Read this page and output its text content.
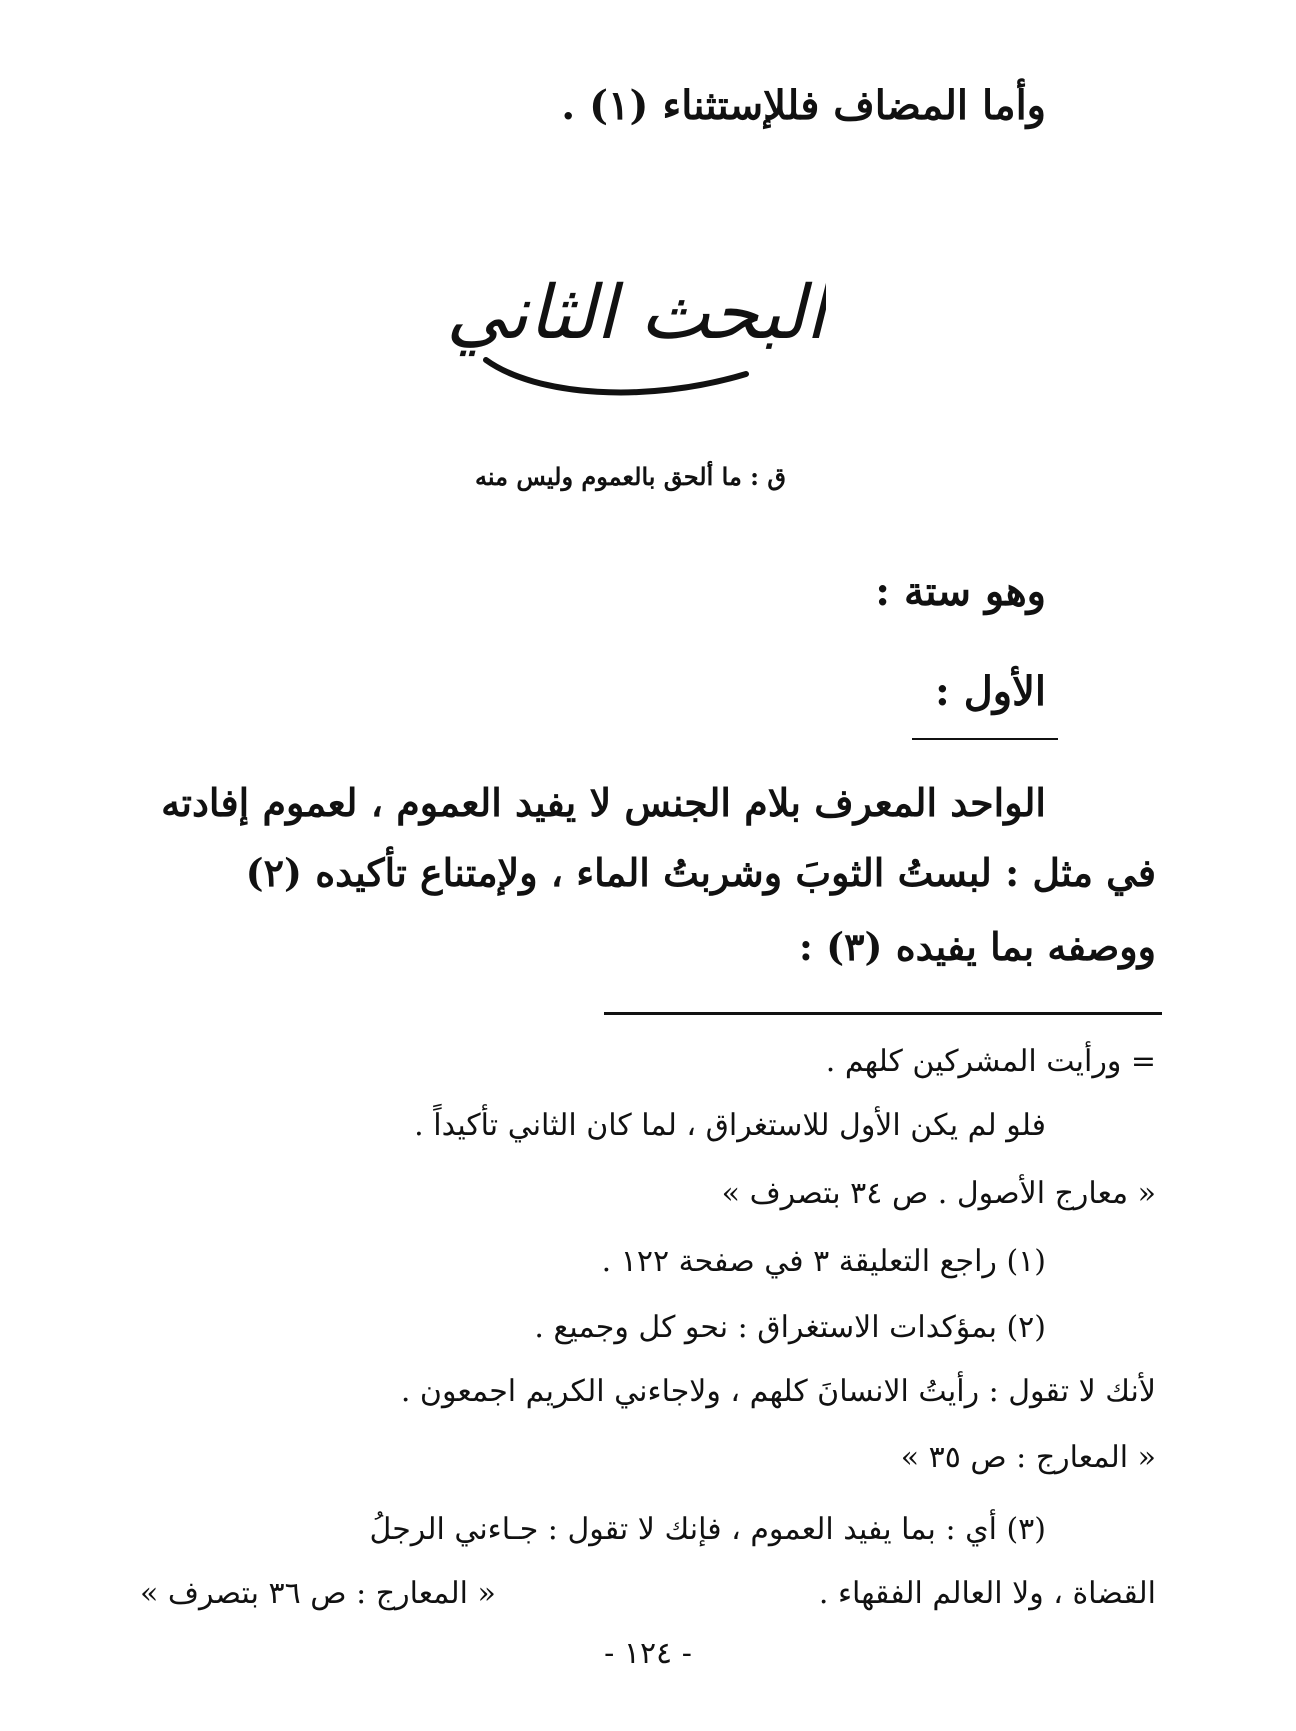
وأما المضاف فللإستثناء (١) .
البحث الثاني
ق : ما ألحق بالعموم وليس منه
وهو ستة :
الأول :
الواحد المعرف بلام الجنس لا يفيد العموم ، لعموم إفادته
في مثل : لبستُ الثوبَ وشربتُ الماء ، ولإمتناع تأكيده (٢)
ووصفه بما يفيده (٣) :
= ورأيت المشركين كلهم .
فلو لم يكن الأول للاستغراق ، لما كان الثاني تأكيداً .
« معارج الأصول . ص ٣٤ بتصرف »
(١) راجع التعليقة ٣ في صفحة ١٢٢ .
(٢) بمؤكدات الاستغراق : نحو كل وجميع .
لأنك لا تقول : رأيتُ الانسانَ كلهم ، ولاجاءني الكريم اجمعون .
« المعارج : ص ٣٥ »
(٣) أي : بما يفيد العموم ، فإنك لا تقول : جـاءني الرجلُ
القضاة ، ولا العالم الفقهاء .
« المعارج : ص ٣٦ بتصرف »
- ١٢٤ -
